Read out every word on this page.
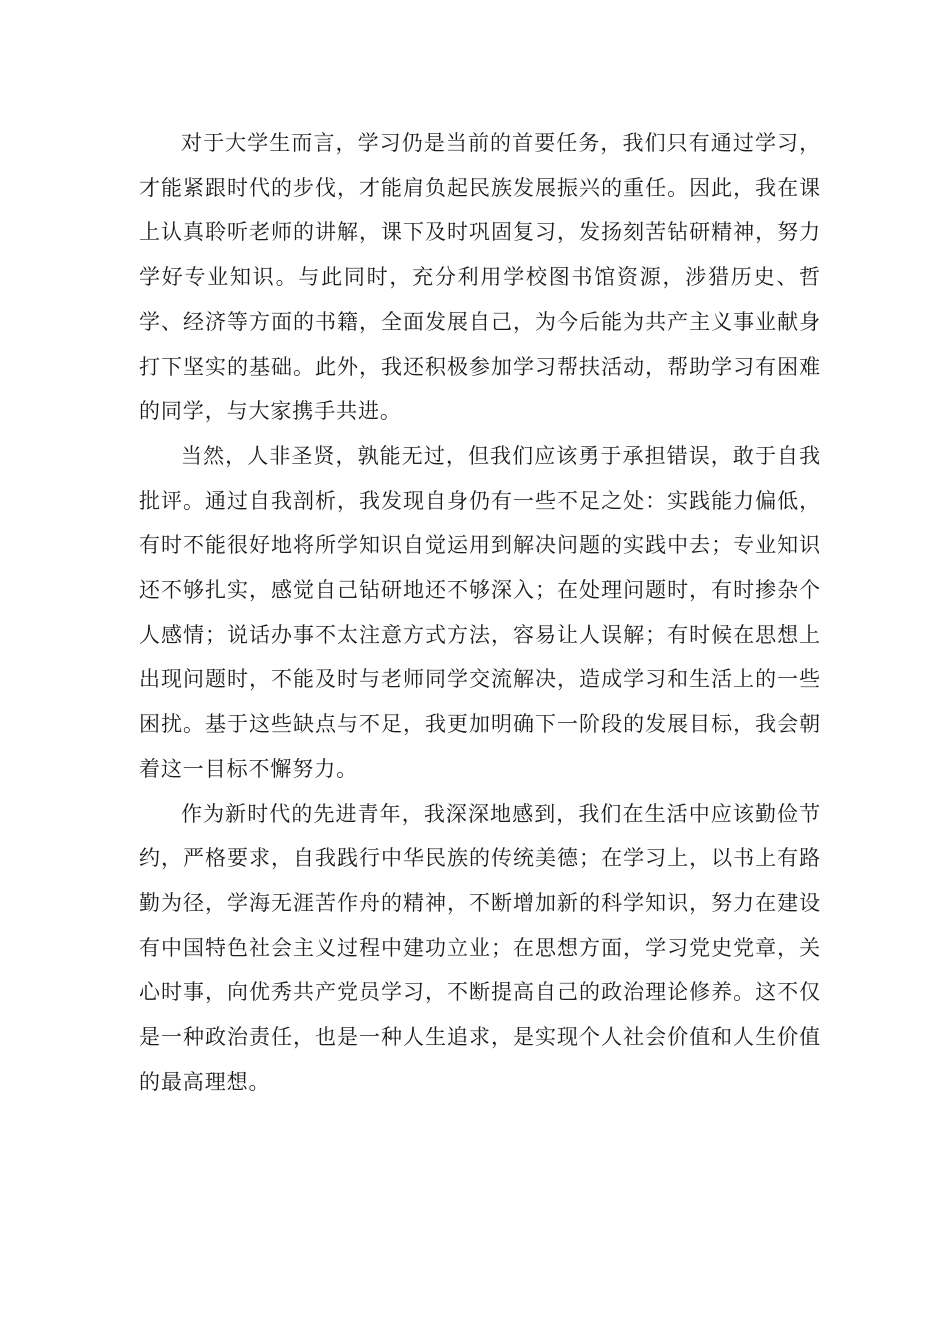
对于大学生而言，学习仍是当前的首要任务，我们只有通过学习，才能紧跟时代的步伐，才能肩负起民族发展振兴的重任。因此，我在课上认真聆听老师的讲解，课下及时巩固复习，发扬刻苦钻研精神，努力学好专业知识。与此同时，充分利用学校图书馆资源，涉猎历史、哲学、经济等方面的书籍，全面发展自己，为今后能为共产主义事业献身打下坚实的基础。此外，我还积极参加学习帮扶活动，帮助学习有困难的同学，与大家携手共进。

当然，人非圣贤，孰能无过，但我们应该勇于承担错误，敢于自我批评。通过自我剖析，我发现自身仍有一些不足之处：实践能力偏低，有时不能很好地将所学知识自觉运用到解决问题的实践中去；专业知识还不够扎实，感觉自己钻研地还不够深入；在处理问题时，有时掺杂个人感情；说话办事不太注意方式方法，容易让人误解；有时候在思想上出现问题时，不能及时与老师同学交流解决，造成学习和生活上的一些困扰。基于这些缺点与不足，我更加明确下一阶段的发展目标，我会朝着这一目标不懈努力。

作为新时代的先进青年，我深深地感到，我们在生活中应该勤俭节约，严格要求，自我践行中华民族的传统美德；在学习上，以书上有路勤为径，学海无涯苦作舟的精神，不断增加新的科学知识，努力在建设有中国特色社会主义过程中建功立业；在思想方面，学习党史党章，关心时事，向优秀共产党员学习，不断提高自己的政治理论修养。这不仅是一种政治责任，也是一种人生追求，是实现个人社会价值和人生价值的最高理想。
